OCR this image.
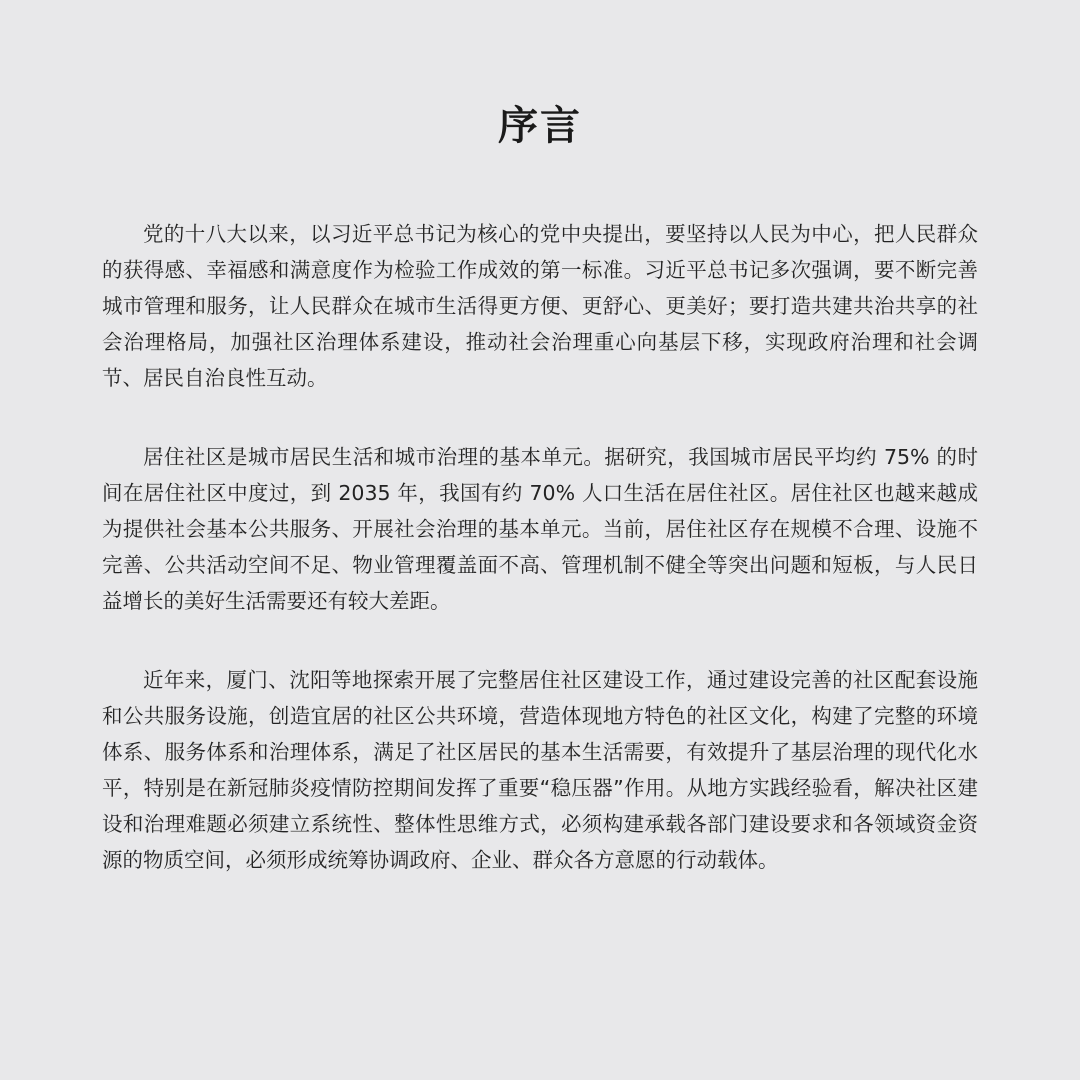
序言

党的十八大以来，以习近平总书记为核心的党中央提出，要坚持以人民为中心，把人民群众的获得感、幸福感和满意度作为检验工作成效的第一标准。习近平总书记多次强调，要不断完善城市管理和服务，让人民群众在城市生活得更方便、更舒心、更美好；要打造共建共治共享的社会治理格局，加强社区治理体系建设，推动社会治理重心向基层下移，实现政府治理和社会调节、居民自治良性互动。

居住社区是城市居民生活和城市治理的基本单元。据研究，我国城市居民平均约 75% 的时间在居住社区中度过，到 2035 年，我国有约 70% 人口生活在居住社区。居住社区也越来越成为提供社会基本公共服务、开展社会治理的基本单元。当前，居住社区存在规模不合理、设施不完善、公共活动空间不足、物业管理覆盖面不高、管理机制不健全等突出问题和短板，与人民日益增长的美好生活需要还有较大差距。

近年来，厦门、沈阳等地探索开展了完整居住社区建设工作，通过建设完善的社区配套设施和公共服务设施，创造宜居的社区公共环境，营造体现地方特色的社区文化，构建了完整的环境体系、服务体系和治理体系，满足了社区居民的基本生活需要，有效提升了基层治理的现代化水平，特别是在新冠肺炎疫情防控期间发挥了重要“稳压器”作用。从地方实践经验看，解决社区建设和治理难题必须建立系统性、整体性思维方式，必须构建承载各部门建设要求和各领域资金资源的物质空间，必须形成统筹协调政府、企业、群众各方意愿的行动载体。
